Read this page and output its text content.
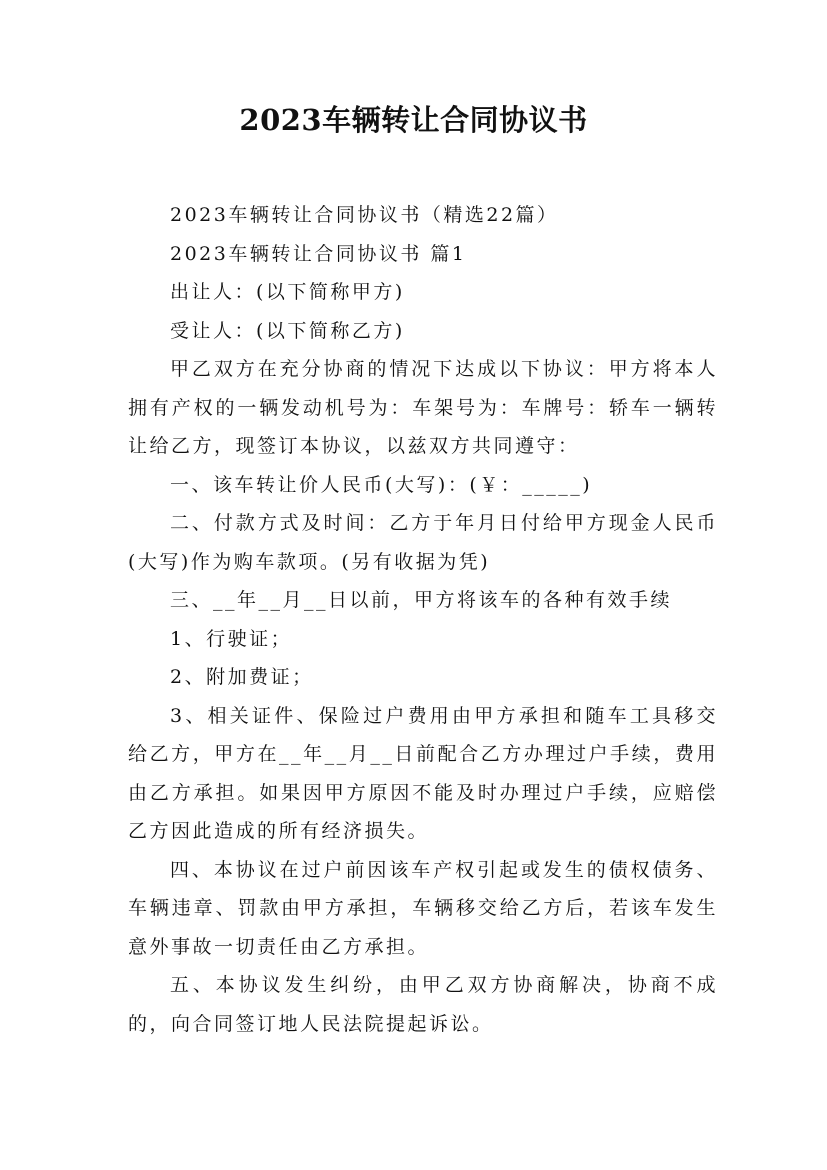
2023车辆转让合同协议书

2023车辆转让合同协议书（精选22篇）

2023车辆转让合同协议书 篇1

出让人：(以下简称甲方)

受让人：(以下简称乙方)

甲乙双方在充分协商的情况下达成以下协议：甲方将本人拥有产权的一辆发动机号为：车架号为：车牌号：轿车一辆转让给乙方，现签订本协议，以兹双方共同遵守：

一、该车转让价人民币(大写)：(￥：_____)

二、付款方式及时间：乙方于年月日付给甲方现金人民币(大写)作为购车款项。(另有收据为凭)

三、__年__月__日以前，甲方将该车的各种有效手续

1、行驶证；

2、附加费证；

3、相关证件、保险过户费用由甲方承担和随车工具移交给乙方，甲方在__年__月__日前配合乙方办理过户手续，费用由乙方承担。如果因甲方原因不能及时办理过户手续，应赔偿乙方因此造成的所有经济损失。

四、本协议在过户前因该车产权引起或发生的债权债务、车辆违章、罚款由甲方承担，车辆移交给乙方后，若该车发生意外事故一切责任由乙方承担。

五、本协议发生纠纷，由甲乙双方协商解决，协商不成的，向合同签订地人民法院提起诉讼。
